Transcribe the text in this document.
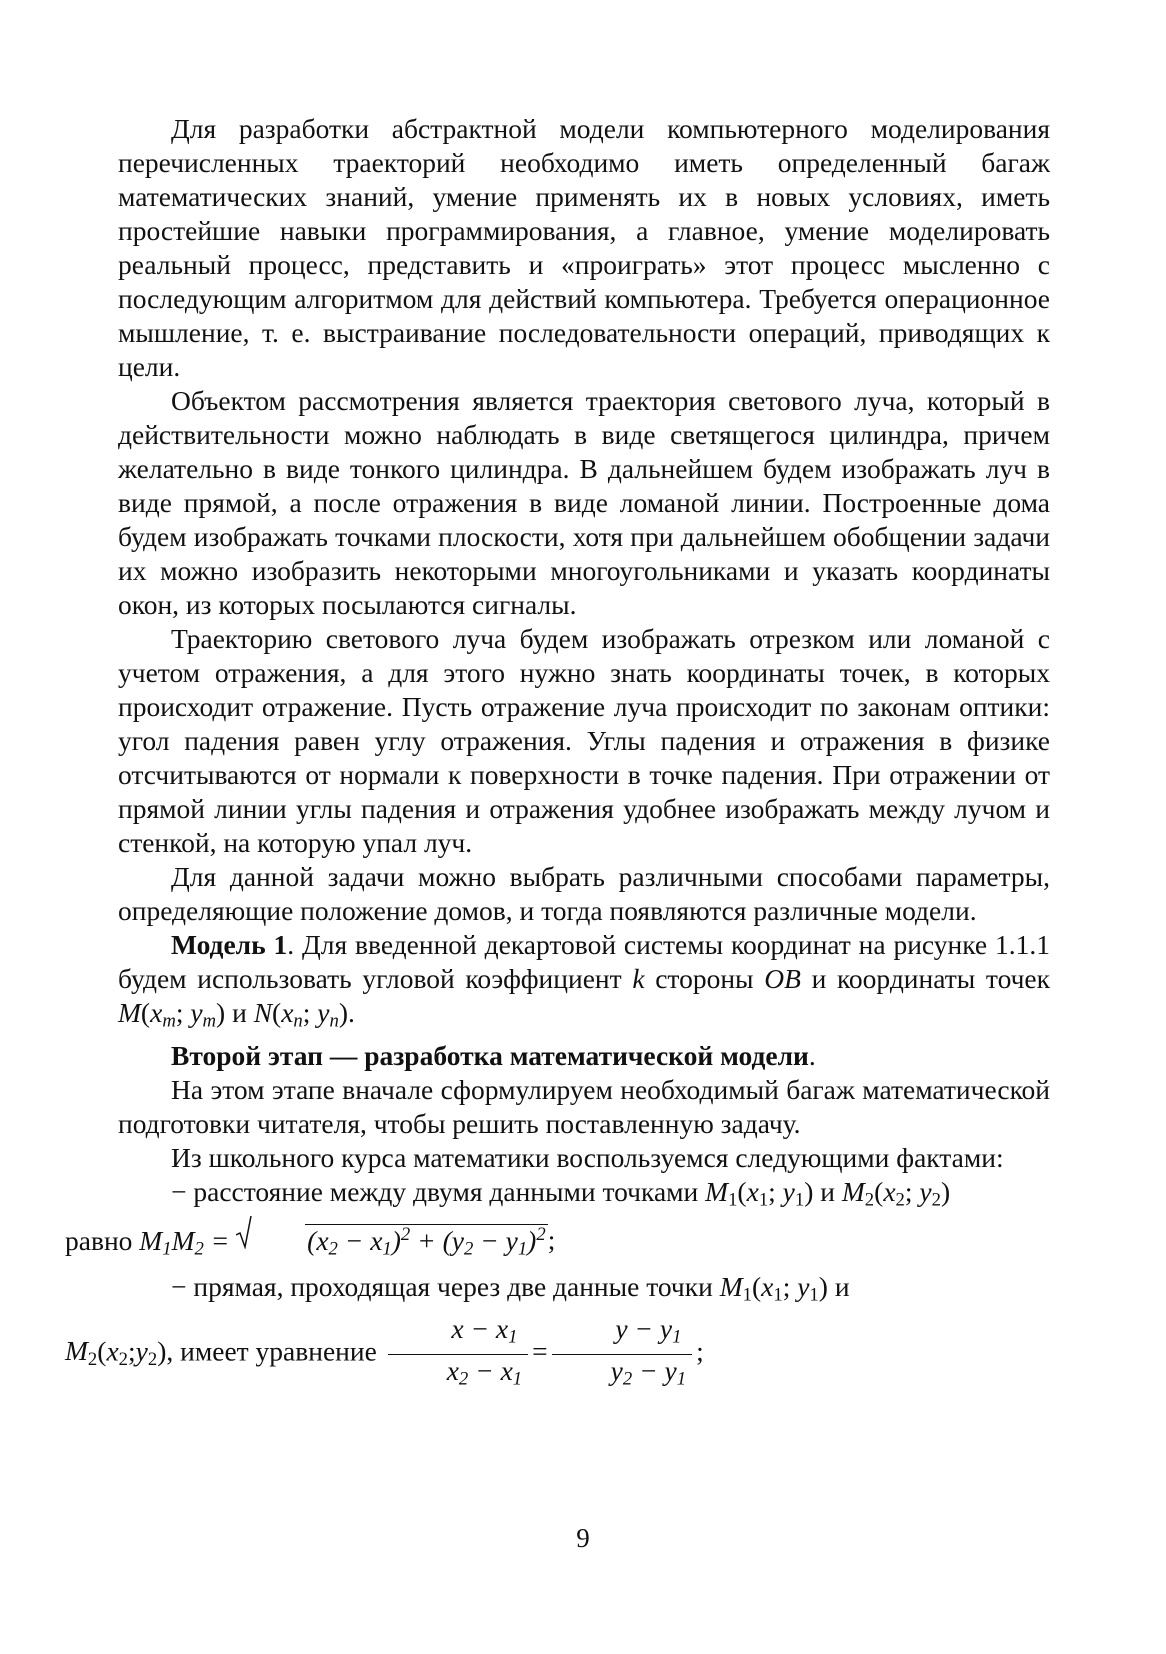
Для разработки абстрактной модели компьютерного моделирования перечисленных траекторий необходимо иметь определенный багаж математических знаний, умение применять их в новых условиях, иметь простейшие навыки программирования, а главное, умение моделировать реальный процесс, представить и «проиграть» этот процесс мысленно с последующим алгоритмом для действий компьютера. Требуется операционное мышление, т. е. выстраивание последовательности операций, приводящих к цели.

Объектом рассмотрения является траектория светового луча, который в действительности можно наблюдать в виде светящегося цилиндра, причем желательно в виде тонкого цилиндра. В дальнейшем будем изображать луч в виде прямой, а после отражения в виде ломаной линии. Построенные дома будем изображать точками плоскости, хотя при дальнейшем обобщении задачи их можно изобразить некоторыми многоугольниками и указать координаты окон, из которых посылаются сигналы.

Траекторию светового луча будем изображать отрезком или ломаной с учетом отражения, а для этого нужно знать координаты точек, в которых происходит отражение. Пусть отражение луча происходит по законам оптики: угол падения равен углу отражения. Углы падения и отражения в физике отсчитываются от нормали к поверхности в точке падения. При отражении от прямой линии углы падения и отражения удобнее изображать между лучом и стенкой, на которую упал луч.

Для данной задачи можно выбрать различными способами параметры, определяющие положение домов, и тогда появляются различные модели.

Модель 1. Для введенной декартовой системы координат на рисунке 1.1.1 будем использовать угловой коэффициент k стороны OB и координаты точек $M(x_m$; $y_m$) и $N(x_n$; $y_n$).

Второй этап — разработка математической модели.

На этом этапе вначале сформулируем необходимый багаж математической подготовки читателя, чтобы решить поставленную задачу.

Из школьного курса математики воспользуемся следующими фактами:

− расстояние между двумя данными точками $M_1(x_1$; $y_1$) и $M_2(x_2$; $y_2$)
равно $M_1M_2$ =	$(x_2 - x_1)^2 + (y_2 - y_1)^2$;

− прямая, проходящая через две данные точки $M_1(x_1$; $y_1$) и
$M_2(x_2;y_2)$, имеет уравнение $\frac{x - x_1}{x_2 - x_1} = \frac{y - y_1}{y_2 - y_1}$ ;

9
